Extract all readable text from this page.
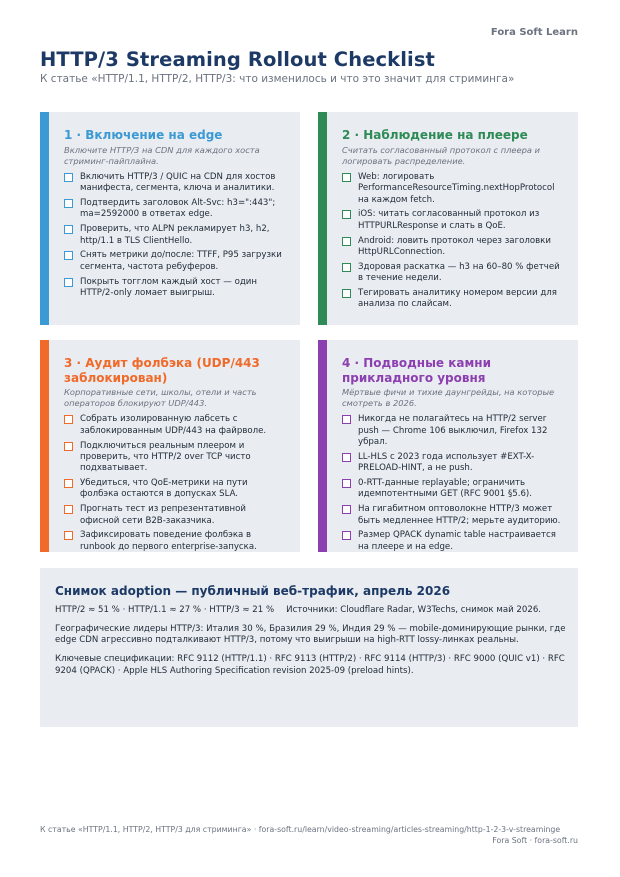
Fora Soft Learn
HTTP/3 Streaming Rollout Checklist
К статье «HTTP/1.1, HTTP/2, HTTP/3: что изменилось и что это значит для стриминга»
1 · Включение на edge
Включите HTTP/3 на CDN для каждого хоста стриминг-пайплайна.
Включить HTTP/3 / QUIC на CDN для хостов манифеста, сегмента, ключа и аналитики.
Подтвердить заголовок Alt-Svc: h3=":443"; ma=2592000 в ответах edge.
Проверить, что ALPN рекламирует h3, h2, http/1.1 в TLS ClientHello.
Снять метрики до/после: TTFF, P95 загрузки сегмента, частота ребуферов.
Покрыть тогглом каждый хост — один HTTP/2-only ломает выигрыш.
2 · Наблюдение на плеере
Считать согласованный протокол с плеера и логировать распределение.
Web: логировать PerformanceResourceTiming.nextHopProtocol на каждом fetch.
iOS: читать согласованный протокол из HTTPURLResponse и слать в QoE.
Android: ловить протокол через заголовки HttpURLConnection.
Здоровая раскатка — h3 на 60–80 % фетчей в течение недели.
Тегировать аналитику номером версии для анализа по слайсам.
3 · Аудит фолбэка (UDP/443 заблокирован)
Корпоративные сети, школы, отели и часть операторов блокируют UDP/443.
Собрать изолированную лабсеть с заблокированным UDP/443 на файрволе.
Подключиться реальным плеером и проверить, что HTTP/2 over TCP чисто подхватывает.
Убедиться, что QoE-метрики на пути фолбэка остаются в допусках SLA.
Прогнать тест из репрезентативной офисной сети B2B-заказчика.
Зафиксировать поведение фолбэка в runbook до первого enterprise-запуска.
4 · Подводные камни прикладного уровня
Мёртвые фичи и тихие даунгрейды, на которые смотреть в 2026.
Никогда не полагайтесь на HTTP/2 server push — Chrome 106 выключил, Firefox 132 убрал.
LL-HLS с 2023 года использует #EXT-X-PRELOAD-HINT, а не push.
0-RTT-данные replayable; ограничить идемпотентными GET (RFC 9001 §5.6).
На гигабитном оптоволокне HTTP/3 может быть медленнее HTTP/2; мерьте аудиторию.
Размер QPACK dynamic table настраивается на плеере и на edge.
Снимок adoption — публичный веб-трафик, апрель 2026

HTTP/2 ≈ 51 % · HTTP/1.1 ≈ 27 % · HTTP/3 ≈ 21 % Источники: Cloudflare Radar, W3Techs, снимок май 2026.

Географические лидеры HTTP/3: Италия 30 %, Бразилия 29 %, Индия 29 % — mobile-доминирующие рынки, где edge CDN агрессивно подталкивают HTTP/3, потому что выигрыши на high-RTT lossy-линках реальны.

Ключевые спецификации: RFC 9112 (HTTP/1.1) · RFC 9113 (HTTP/2) · RFC 9114 (HTTP/3) · RFC 9000 (QUIC v1) · RFC 9204 (QPACK) · Apple HLS Authoring Specification revision 2025-09 (preload hints).

К статье «HTTP/1.1, HTTP/2, HTTP/3 для стриминга» · fora-soft.ru/learn/video-streaming/articles-streaming/http-1-2-3-v-streaminge
Fora Soft · fora-soft.ru
